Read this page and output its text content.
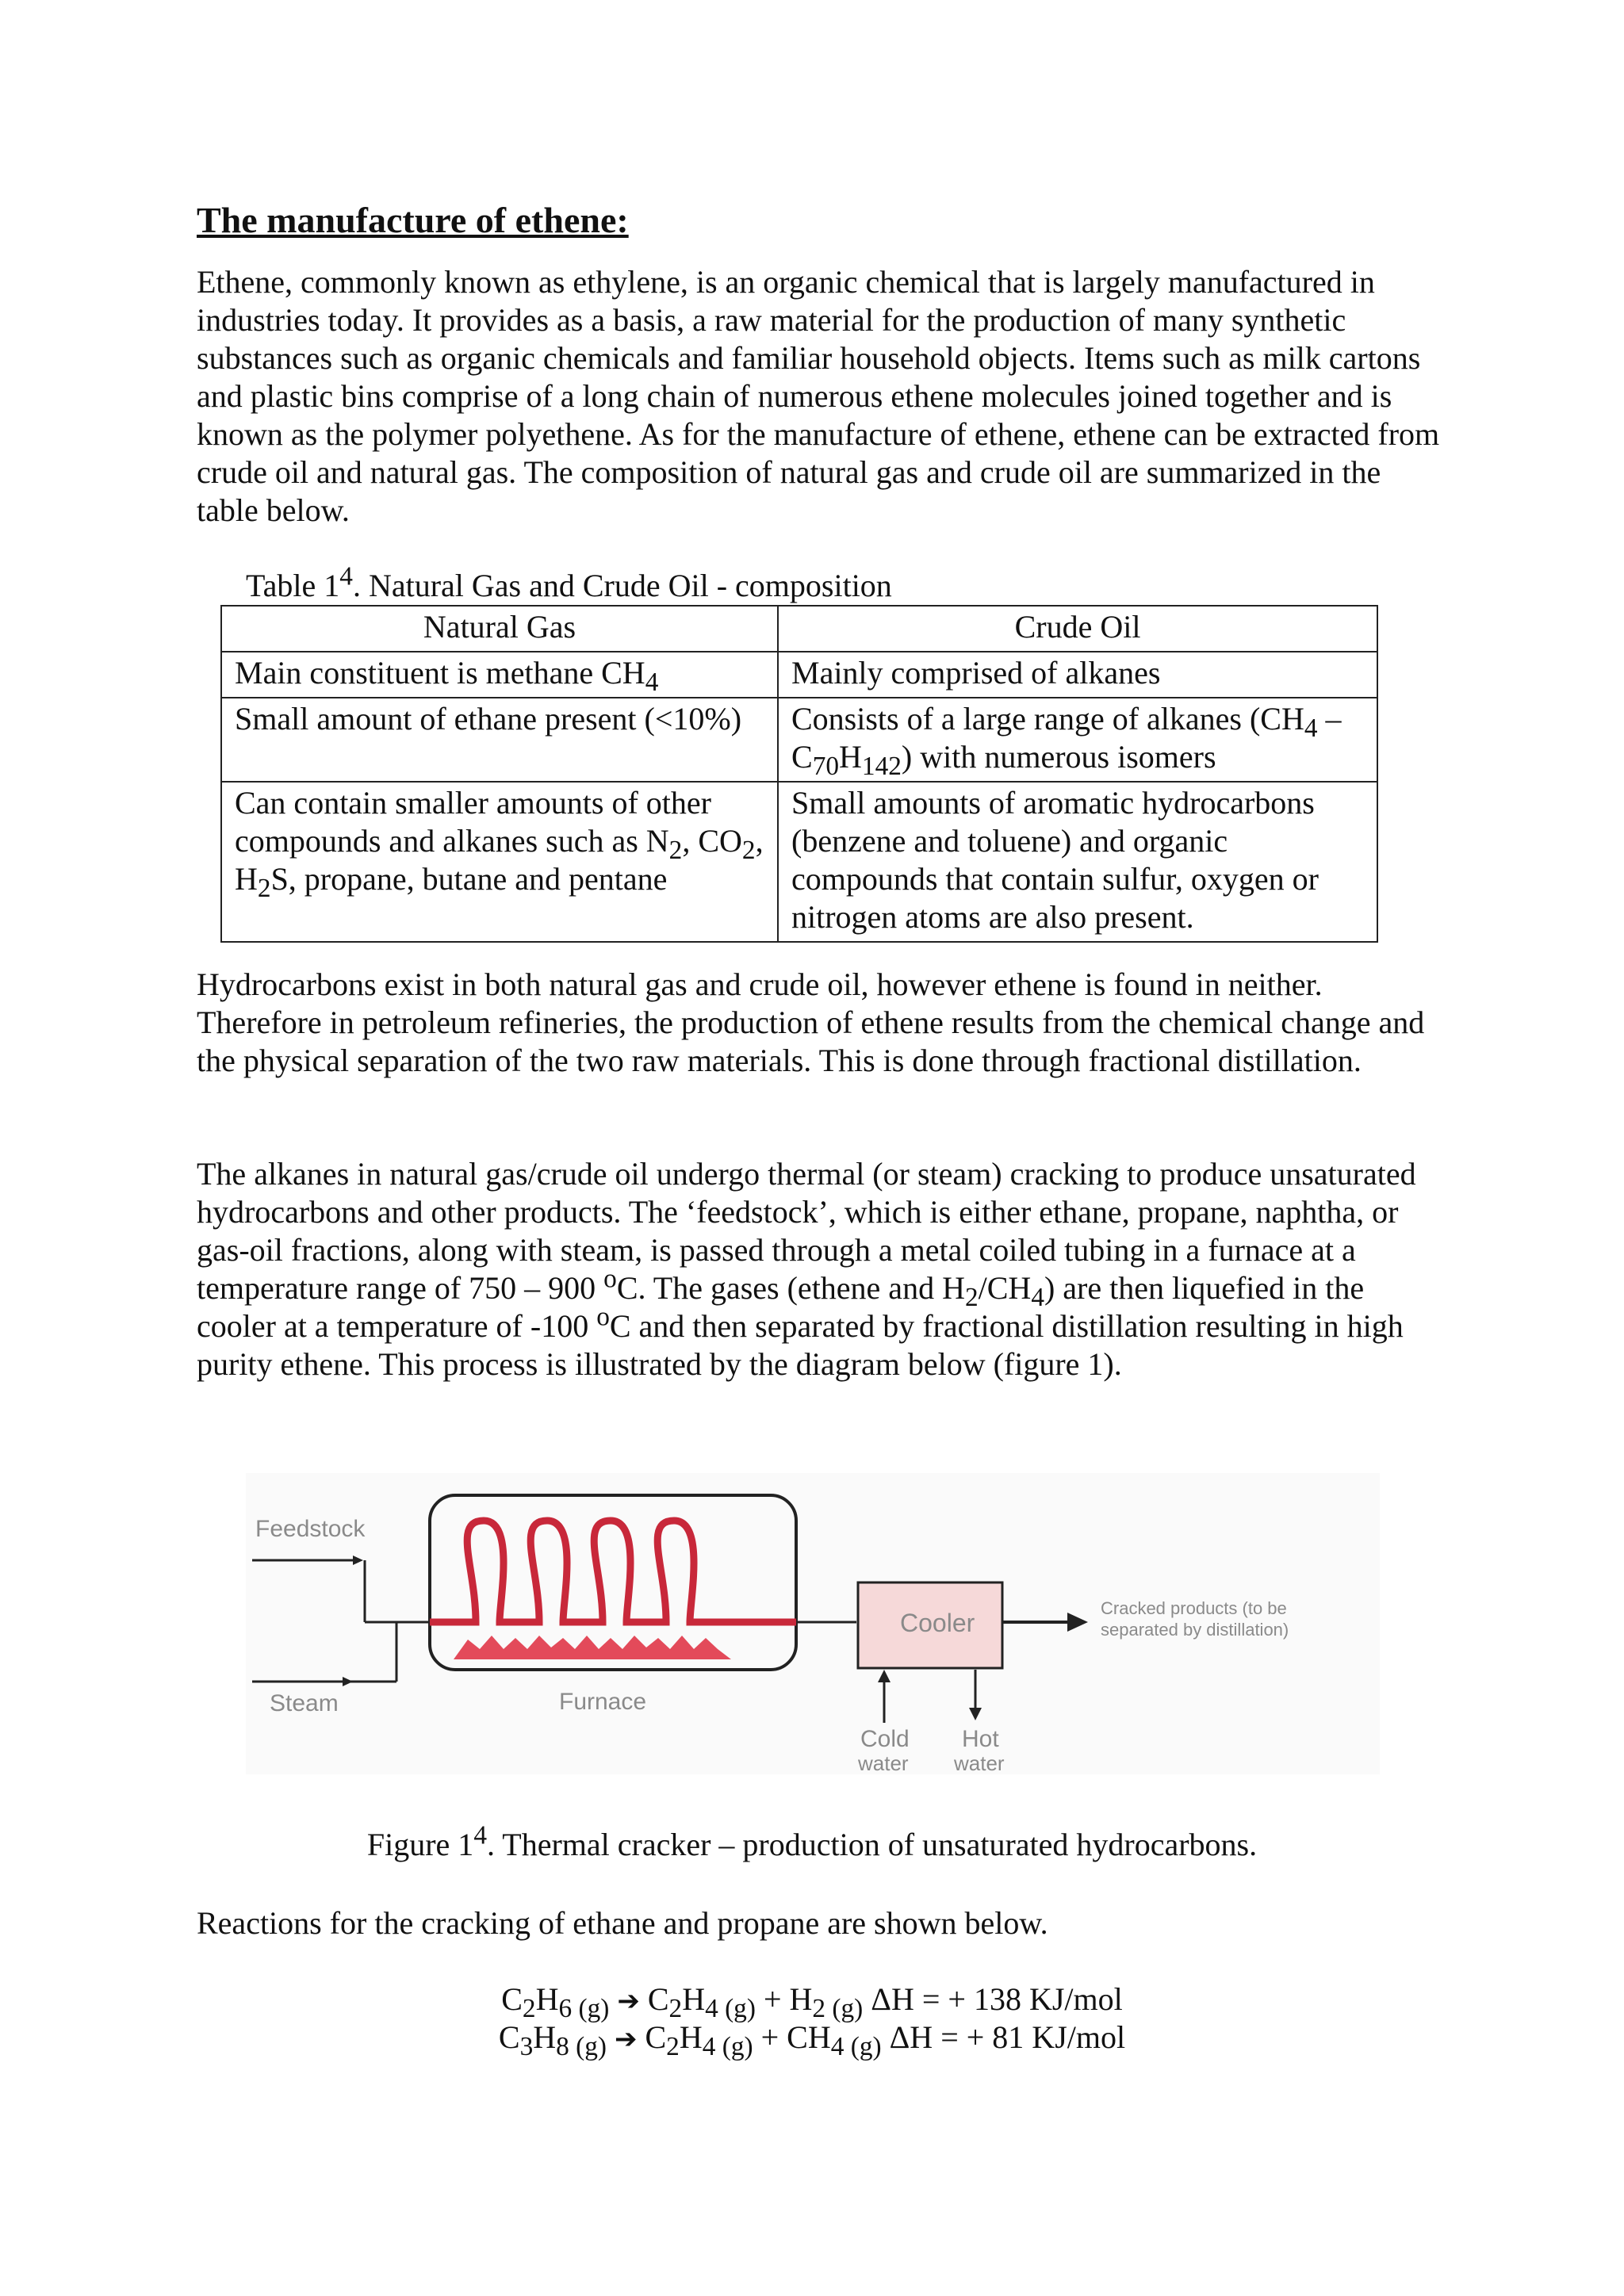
The manufacture of ethene:

Ethene, commonly known as ethylene, is an organic chemical that is largely manufactured in industries today. It provides as a basis, a raw material for the production of many synthetic substances such as organic chemicals and familiar household objects. Items such as milk cartons and plastic bins comprise of a long chain of numerous ethene molecules joined together and is known as the polymer polyethene. As for the manufacture of ethene, ethene can be extracted from crude oil and natural gas. The composition of natural gas and crude oil are summarized in the table below.

Table $1^4$. Natural Gas and Crude Oil - composition

Natural Gas	Crude Oil
Main constituent is methane $CH_4$	Mainly comprised of alkanes
Small amount of ethane present (<10%)	Consists of a large range of alkanes $(CH_4 - C_{70}H_{142})$ with numerous isomers
Can contain smaller amounts of other compounds and alkanes such as $N_2$, $CO_2$, $H_2S$, propane, butane and pentane	Small amounts of aromatic hydrocarbons (benzene and toluene) and organic compounds that contain sulfur, oxygen or nitrogen atoms are also present.

Hydrocarbons exist in both natural gas and crude oil, however ethene is found in neither. Therefore in petroleum refineries, the production of ethene results from the chemical change and the physical separation of the two raw materials. This is done through fractional distillation.

The alkanes in natural gas/crude oil undergo thermal (or steam) cracking to produce unsaturated hydrocarbons and other products. The ‘feedstock’, which is either ethane, propane, naphtha, or gas-oil fractions, along with steam, is passed through a metal coiled tubing in a furnace at a temperature range of 750 – 900 $^o$C. The gases (ethene and $H_2/CH_4$) are then liquefied in the cooler at a temperature of -100 $^o$C and then separated by fractional distillation resulting in high purity ethene. This process is illustrated by the diagram below (figure 1).

Feedstock
Steam	Furnace
Cooler
Cold
water
Hot
water
Cracked products (to be
separated by distillation)

Figure $1^4$. Thermal cracker – production of unsaturated hydrocarbons.

Reactions for the cracking of ethane and propane are shown below.

$C_2H_{6 (g)}$ ➔ $C_2H_{4 (g)} + H_{2 (g)}$ ΔH = + 138 KJ/mol

$C_3H_{8 (g)}$ ➔ $C_2H_{4 (g)} + CH_{4 (g)}$ ΔH = + 81 KJ/mol
